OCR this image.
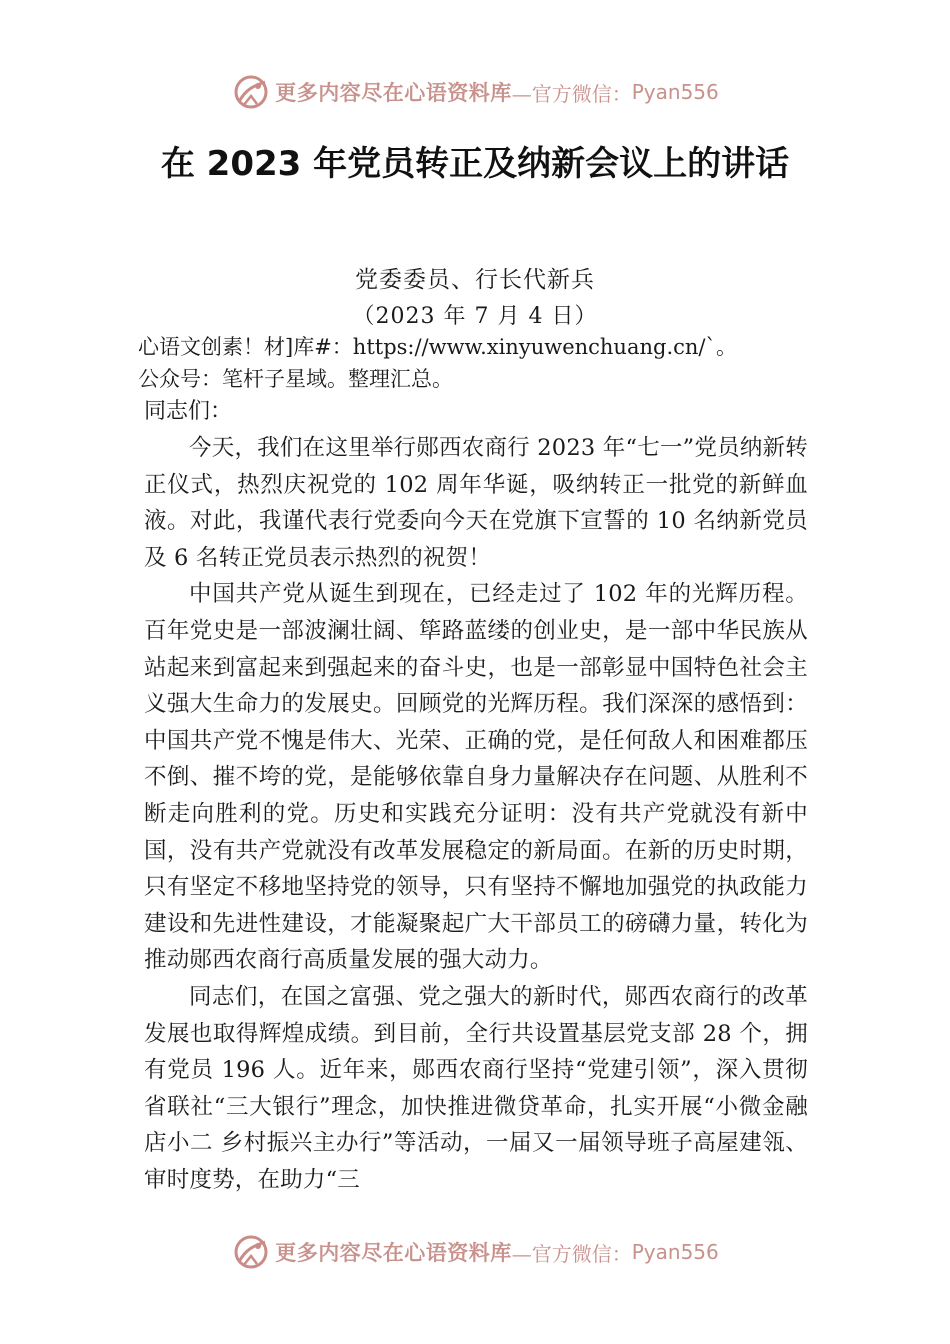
更多内容尽在心语资料库 —官方微信： Pyan556
在 2023 年党员转正及纳新会议上的讲话
党委委员、行长代新兵
（2023 年 7 月 4 日）
心语文创素！材]库#：https://www.xinyuwenchuang.cn/`。
公众号：笔杆子星域。整理汇总。
同志们：

今天，我们在这里举行郧西农商行 2023 年“七一”党员纳新转正仪式，热烈庆祝党的 102 周年华诞，吸纳转正一批党的新鲜血液。对此，我谨代表行党委向今天在党旗下宣誓的 10 名纳新党员及 6 名转正党员表示热烈的祝贺！

中国共产党从诞生到现在，已经走过了 102 年的光辉历程。百年党史是一部波澜壮阔、筚路蓝缕的创业史，是一部中华民族从站起来到富起来到强起来的奋斗史，也是一部彰显中国特色社会主义强大生命力的发展史。回顾党的光辉历程。我们深深的感悟到：中国共产党不愧是伟大、光荣、正确的党，是任何敌人和困难都压不倒、摧不垮的党，是能够依靠自身力量解决存在问题、从胜利不断走向胜利的党。历史和实践充分证明：没有共产党就没有新中国，没有共产党就没有改革发展稳定的新局面。在新的历史时期，只有坚定不移地坚持党的领导，只有坚持不懈地加强党的执政能力建设和先进性建设，才能凝聚起广大干部员工的磅礴力量，转化为推动郧西农商行高质量发展的强大动力。

同志们，在国之富强、党之强大的新时代，郧西农商行的改革发展也取得辉煌成绩。到目前，全行共设置基层党支部 28 个，拥有党员 196 人。近年来，郧西农商行坚持“党建引领”，深入贯彻省联社“三大银行”理念，加快推进微贷革命，扎实开展“小微金融店小二 乡村振兴主办行”等活动，一届又一届领导班子高屋建瓴、审时度势，在助力“三

更多内容尽在心语资料库 —官方微信： Pyan556
